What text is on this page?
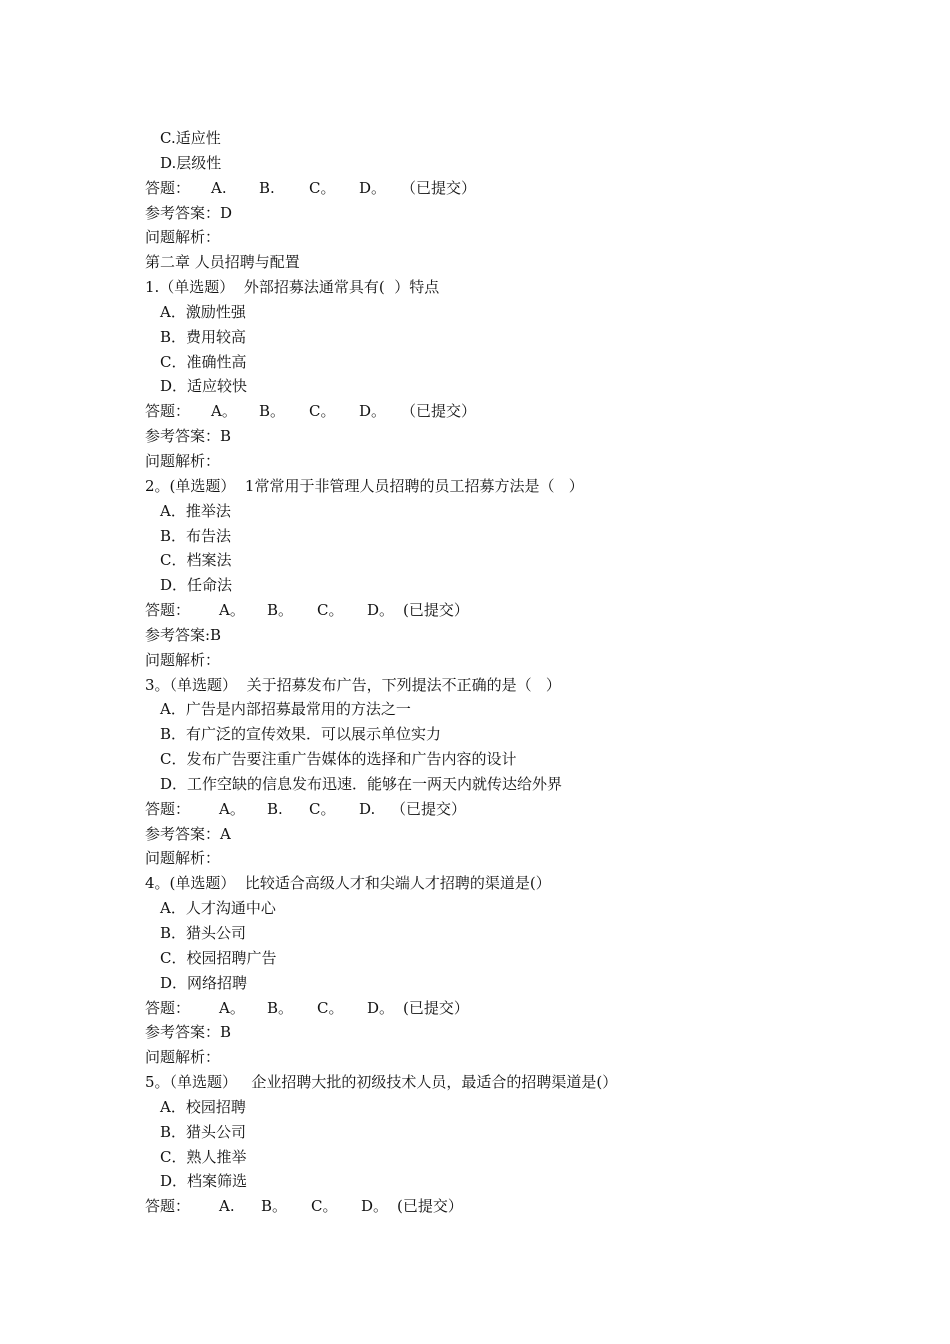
C.适应性
D.层级性
答题： A. B. C。 D。 （已提交）
参考答案：D
问题解析：
第二章 人员招聘与配置
1.（单选题）  外部招募法通常具有(  ）特点
A．激励性强
B．费用较高
C．准确性高
D．适应较快
答题： A。 B。 C。 D。 （已提交）
参考答案：B
问题解析：
2。(单选题）  1常常用于非管理人员招聘的员工招募方法是（   ）
A．推举法
B．布告法
C．档案法
D．任命法
答题： A。 B。 C。 D。 (已提交）
参考答案:B
问题解析：
3。（单选题）  关于招募发布广告，下列提法不正确的是（   ）
A．广告是内部招募最常用的方法之一
B．有广泛的宣传效果．可以展示单位实力
C．发布广告要注重广告媒体的选择和广告内容的设计
D．工作空缺的信息发布迅速．能够在一两天内就传达给外界
答题： A。 B. C。 D. （已提交）
参考答案：A
问题解析：
4。(单选题）  比较适合高级人才和尖端人才招聘的渠道是(）
A．人才沟通中心
B．猎头公司
C．校园招聘广告
D．网络招聘
答题： A。 B。 C。 D。 (已提交）
参考答案：B
问题解析：
5。（单选题）   企业招聘大批的初级技术人员，最适合的招聘渠道是(）
A．校园招聘
B．猎头公司
C．熟人推举
D．档案筛选
答题： A. B。 C。 D。 (已提交）
